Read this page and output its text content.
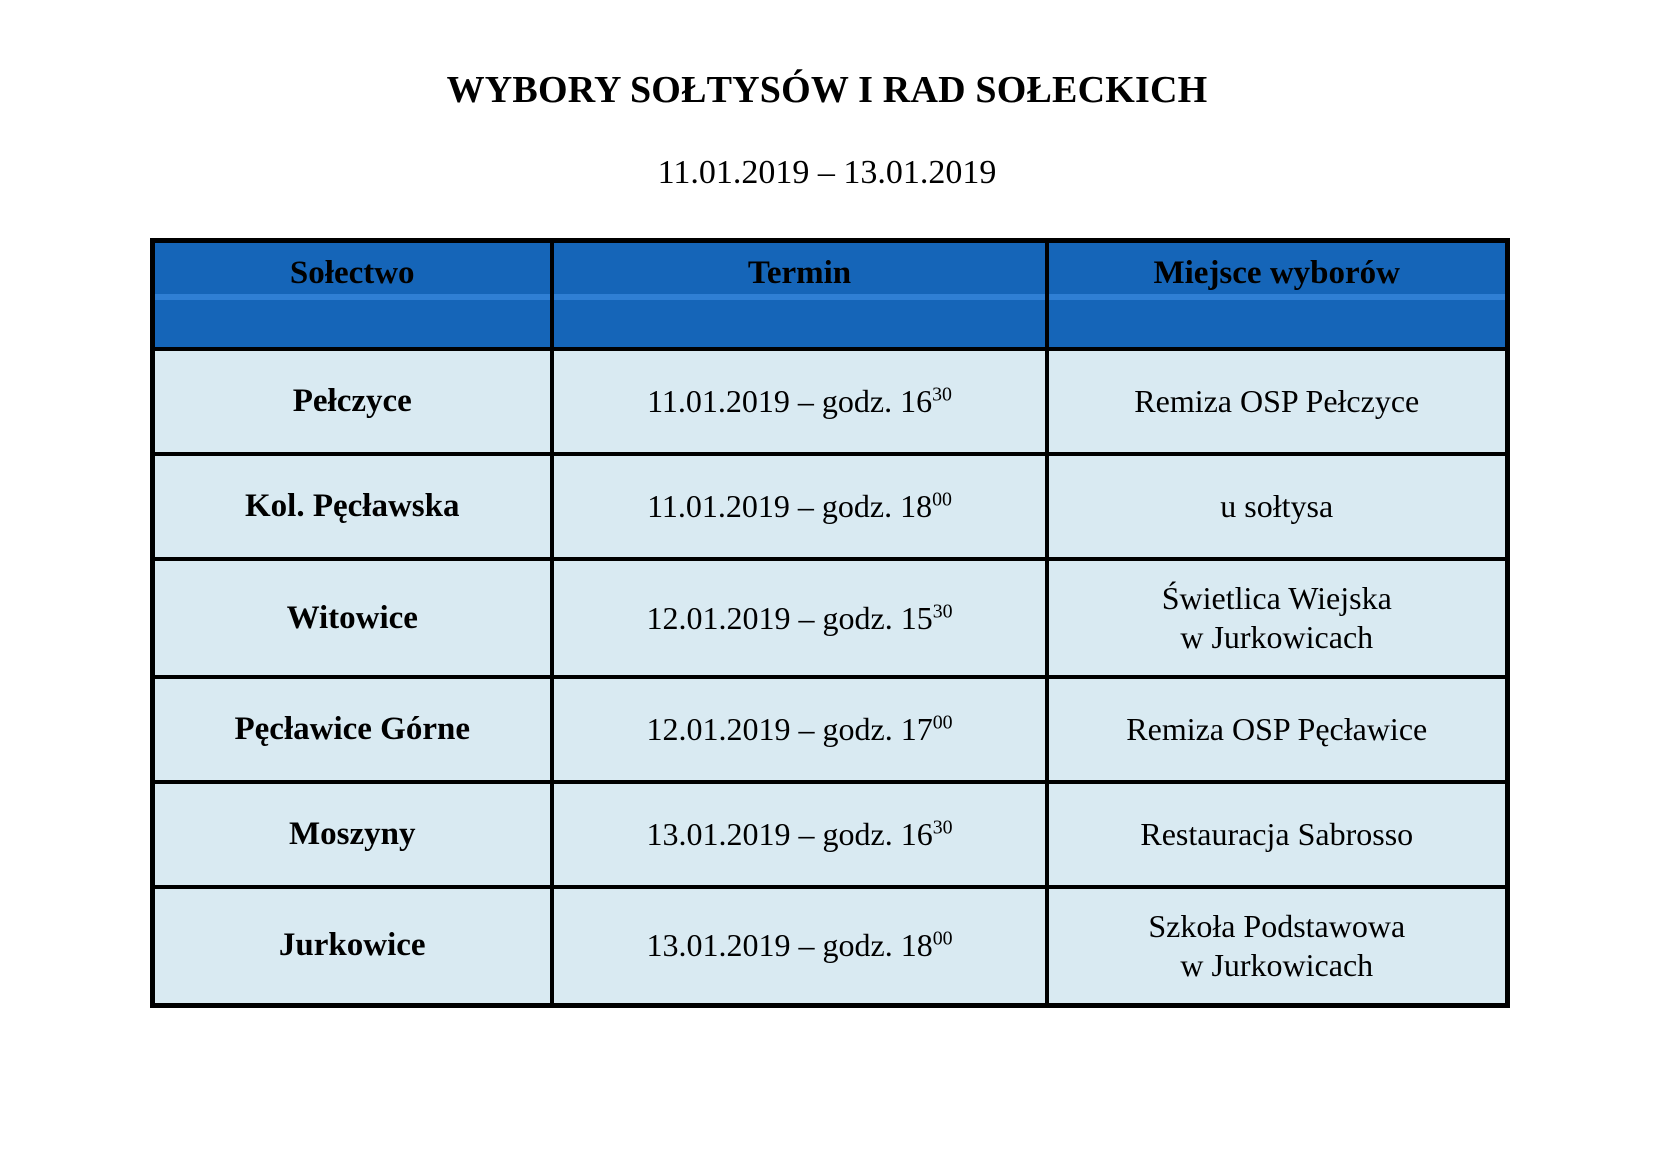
WYBORY SOŁTYSÓW I RAD SOŁECKICH
11.01.2019 – 13.01.2019
Sołectwo	Termin	Miejsce wyborów

Pełczyce	11.01.2019 – godz. $16^{30}$	Remiza OSP Pełczyce

Kol. Pęcławska	11.01.2019 – godz. $18^{00}$	u sołtysa

Witowice	12.01.2019 – godz. $15^{30}$	Świetlica Wiejska
w Jurkowicach

Pęcławice Górne	12.01.2019 – godz. $17^{00}$	Remiza OSP Pęcławice

Moszyny	13.01.2019 – godz. $16^{30}$	Restauracja Sabrosso

Jurkowice	13.01.2019 – godz. $18^{00}$	Szkoła Podstawowa
w Jurkowicach
